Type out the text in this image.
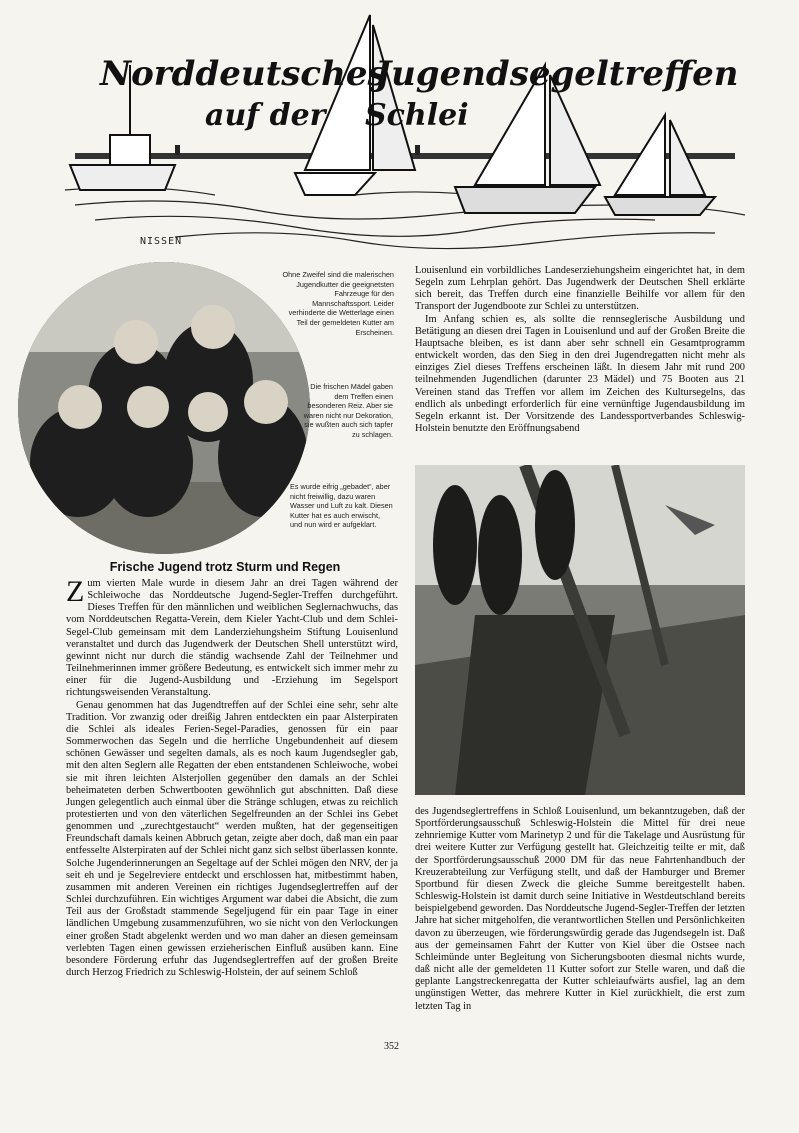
Norddeutsches
Jugendsegeltreffen
auf der Schlei
NISSEN
Ohne Zweifel sind die malerischen Jugendkutter die geeignetsten Fahrzeuge für den Mannschaftssport. Leider verhinderte die Wetterlage einen Teil der gemeldeten Kutter am Erscheinen.
Die frischen Mädel gaben dem Treffen einen besonderen Reiz. Aber sie waren nicht nur Dekoration, sie wußten auch sich tapfer zu schlagen.
Es wurde eifrig „gebadet“, aber nicht freiwillig, dazu waren Wasser und Luft zu kalt. Diesen Kutter hat es auch erwischt, und nun wird er aufgeklart.
Frische Jugend trotz Sturm und Regen

Zum vierten Male wurde in diesem Jahr an drei Tagen während der Schleiwoche das Norddeutsche Jugend-Segler-Treffen durchgeführt. Dieses Treffen für den männlichen und weiblichen Seglernachwuchs, das vom Norddeutschen Regatta-Verein, dem Kieler Yacht-Club und dem Schlei-Segel-Club gemeinsam mit dem Landerziehungsheim Stiftung Louisenlund veranstaltet und durch das Jugendwerk der Deutschen Shell unterstützt wird, gewinnt nicht nur durch die ständig wachsende Zahl der Teilnehmer und Teilnehmerinnen immer größere Bedeutung, es entwickelt sich immer mehr zu einer für die Jugend-Ausbildung und -Erziehung im Segelsport richtungsweisenden Veranstaltung.

Genau genommen hat das Jugendtreffen auf der Schlei eine sehr, sehr alte Tradition. Vor zwanzig oder dreißig Jahren entdeckten ein paar Alsterpiraten die Schlei als ideales Ferien-Segel-Paradies, genossen für ein paar Sommerwochen das Segeln und die herrliche Ungebundenheit auf diesem schönen Gewässer und segelten damals, als es noch kaum Jugendsegler gab, mit den alten Seglern alle Regatten der eben entstandenen Schleiwoche, wobei sie mit ihren leichten Alsterjollen gegenüber den damals an der Schlei beheimateten derben Schwertbooten gewöhnlich gut abschnitten. Daß diese Jungen gelegentlich auch einmal über die Stränge schlugen, etwas zu reichlich protestierten und von den väterlichen Segelfreunden an der Schlei ins Gebet genommen und „zurechtgestaucht“ werden mußten, hat der gegenseitigen Freundschaft damals keinen Abbruch getan, zeigte aber doch, daß man ein paar entfesselte Alsterpiraten auf der Schlei nicht ganz sich selbst überlassen konnte. Solche Jugenderinnerungen an Segeltage auf der Schlei mögen den NRV, der ja seit eh und je Segelreviere entdeckt und erschlossen hat, mitbestimmt haben, zusammen mit anderen Vereinen ein richtiges Jugendseglertreffen auf der Schlei durchzuführen. Ein wichtiges Argument war dabei die Absicht, die zum Teil aus der Großstadt stammende Segeljugend für ein paar Tage in einer ländlichen Umgebung zusammenzuführen, wo sie nicht von den Verlockungen einer großen Stadt abgelenkt werden und wo man daher an diesen gemeinsam verlebten Tagen einen gewissen erzieherischen Einfluß ausüben kann. Eine besondere Förderung erfuhr das Jugendseglertreffen auf der großen Breite durch Herzog Friedrich zu Schleswig-Holstein, der auf seinem Schloß

Louisenlund ein vorbildliches Landeserziehungsheim eingerichtet hat, in dem Segeln zum Lehrplan gehört. Das Jugendwerk der Deutschen Shell erklärte sich bereit, das Treffen durch eine finanzielle Beihilfe vor allem für den Transport der Jugendboote zur Schlei zu unterstützen.

Im Anfang schien es, als sollte die rennseglerische Ausbildung und Betätigung an diesen drei Tagen in Louisenlund und auf der Großen Breite die Hauptsache bleiben, es ist dann aber sehr schnell ein Gesamtprogramm entwickelt worden, das den Sieg in den drei Jugendregatten nicht mehr als einziges Ziel dieses Treffens erscheinen läßt. In diesem Jahr mit rund 200 teilnehmenden Jugendlichen (darunter 23 Mädel) und 75 Booten aus 21 Vereinen stand das Treffen vor allem im Zeichen des Kultursegelns, das endlich als unbedingt erforderlich für eine vernünftige Jugendausbildung im Segeln erkannt ist. Der Vorsitzende des Landessportverbandes Schleswig-Holstein benutzte den Eröffnungsabend

des Jugendseglertreffens in Schloß Louisenlund, um bekanntzugeben, daß der Sportförderungsausschuß Schleswig-Holstein die Mittel für drei neue zehnriemige Kutter vom Marinetyp 2 und für die Takelage und Ausrüstung für drei weitere Kutter zur Verfügung gestellt hat. Gleichzeitig teilte er mit, daß der Sportförderungsausschuß 2000 DM für das neue Fahrtenhandbuch der Kreuzerabteilung zur Verfügung stellt, und daß der Hamburger und Bremer Sportbund für diesen Zweck die gleiche Summe bereitgestellt haben. Schleswig-Holstein ist damit durch seine Initiative in Westdeutschland bereits beispielgebend geworden. Das Norddeutsche Jugend-Segler-Treffen der letzten Jahre hat sicher mitgeholfen, die verantwortlichen Stellen und Persönlichkeiten davon zu überzeugen, wie förderungswürdig gerade das Jugendsegeln ist. Daß aus der gemeinsamen Fahrt der Kutter von Kiel über die Ostsee nach Schleimünde unter Begleitung von Sicherungsbooten diesmal nichts wurde, daß nicht alle der gemeldeten 11 Kutter sofort zur Stelle waren, und daß die geplante Langstreckenregatta der Kutter schleiaufwärts ausfiel, lag an dem ungünstigen Wetter, das mehrere Kutter in Kiel zurückhielt, die erst zum letzten Tag in

352
